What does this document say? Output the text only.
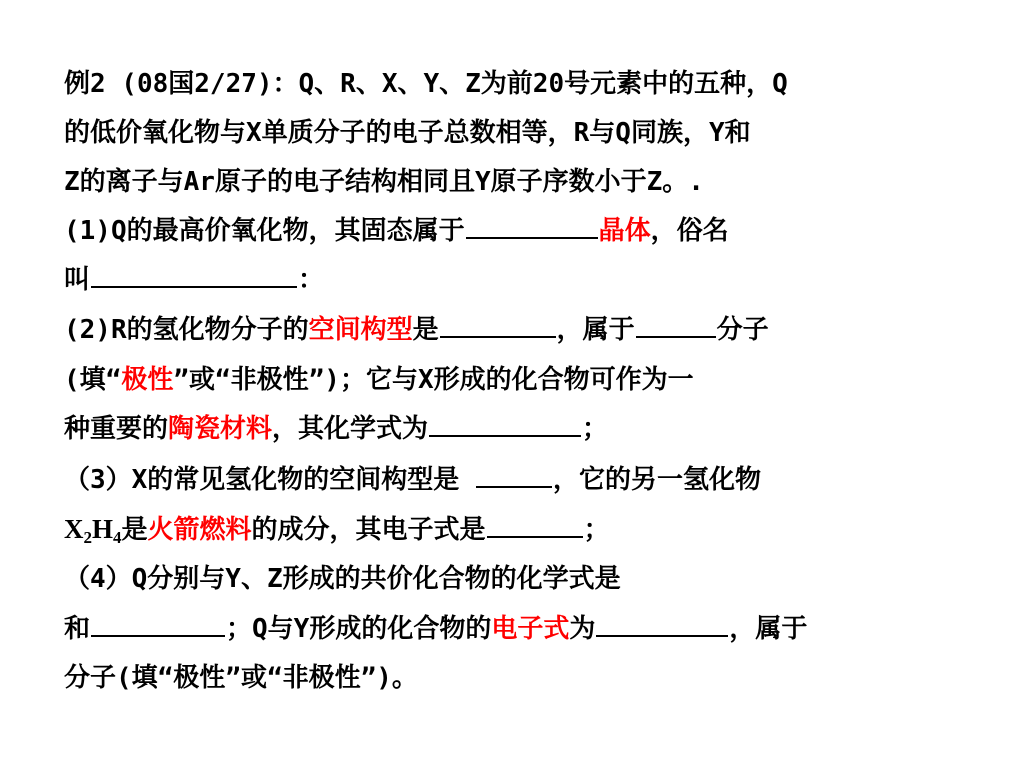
例2 (08国2/27)：Q、R、X、Y、Z为前20号元素中的五种，Q
的低价氧化物与X单质分子的电子总数相等，R与Q同族，Y和
Z的离子与Ar原子的电子结构相同且Y原子序数小于Z。.
(1)Q的最高价氧化物，其固态属于	晶体，俗名
叫	：
(2)R的氢化物分子的空间构型是	，属于	分子
(填“极性”或“非极性”)；它与X形成的化合物可作为一
种重要的陶瓷材料，其化学式为	；
（3）X的常见氢化物的空间构型是	，它的另一氢化物
$X_2H_4$是火箭燃料的成分，其电子式是	；
（4）Q分别与Y、Z形成的共价化合物的化学式是
和	；Q与Y形成的化合物的电子式为	，属于
分子(填“极性”或“非极性”)。
